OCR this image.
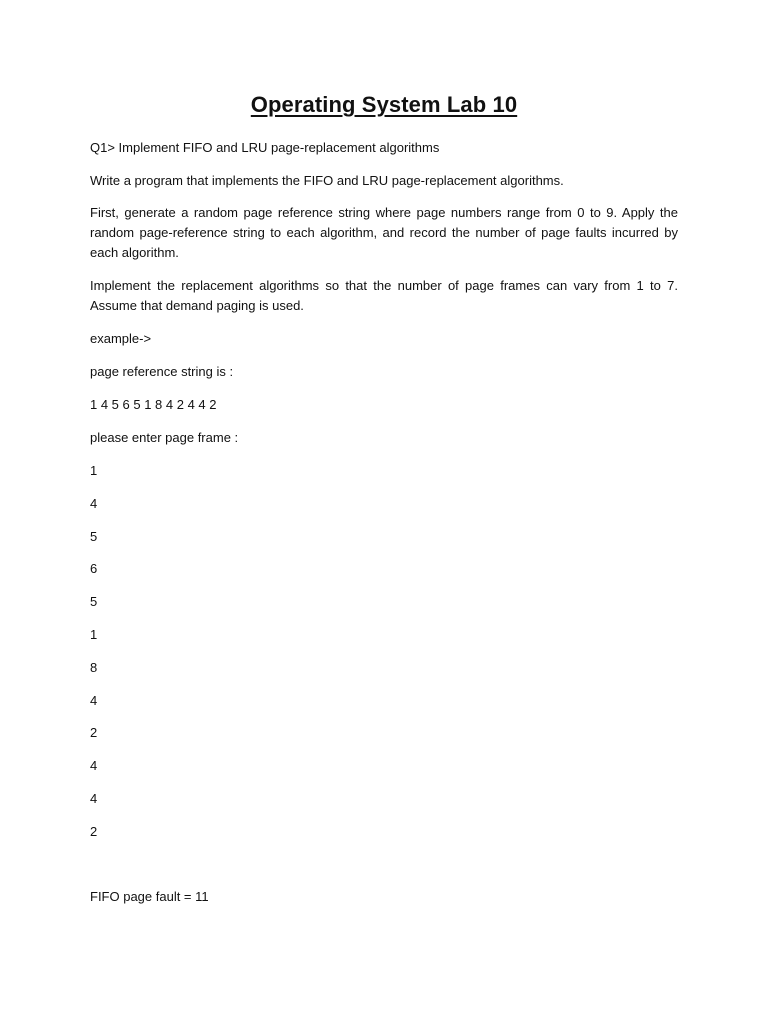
Operating System Lab 10

Q1> Implement FIFO and LRU page-replacement algorithms

Write a program that implements the FIFO and LRU page-replacement algorithms.

First, generate a random page reference string where page numbers range from 0 to 9. Apply the random page-reference string to each algorithm, and record the number of page faults incurred by each algorithm.

Implement the replacement algorithms so that the number of page frames can vary from 1 to 7. Assume that demand paging is used.

example->

page reference string is :

1 4 5 6 5 1 8 4 2 4 4 2

please enter page frame :

1

4

5

6

5

1

8

4

2

4

4

2

FIFO page fault = 11
